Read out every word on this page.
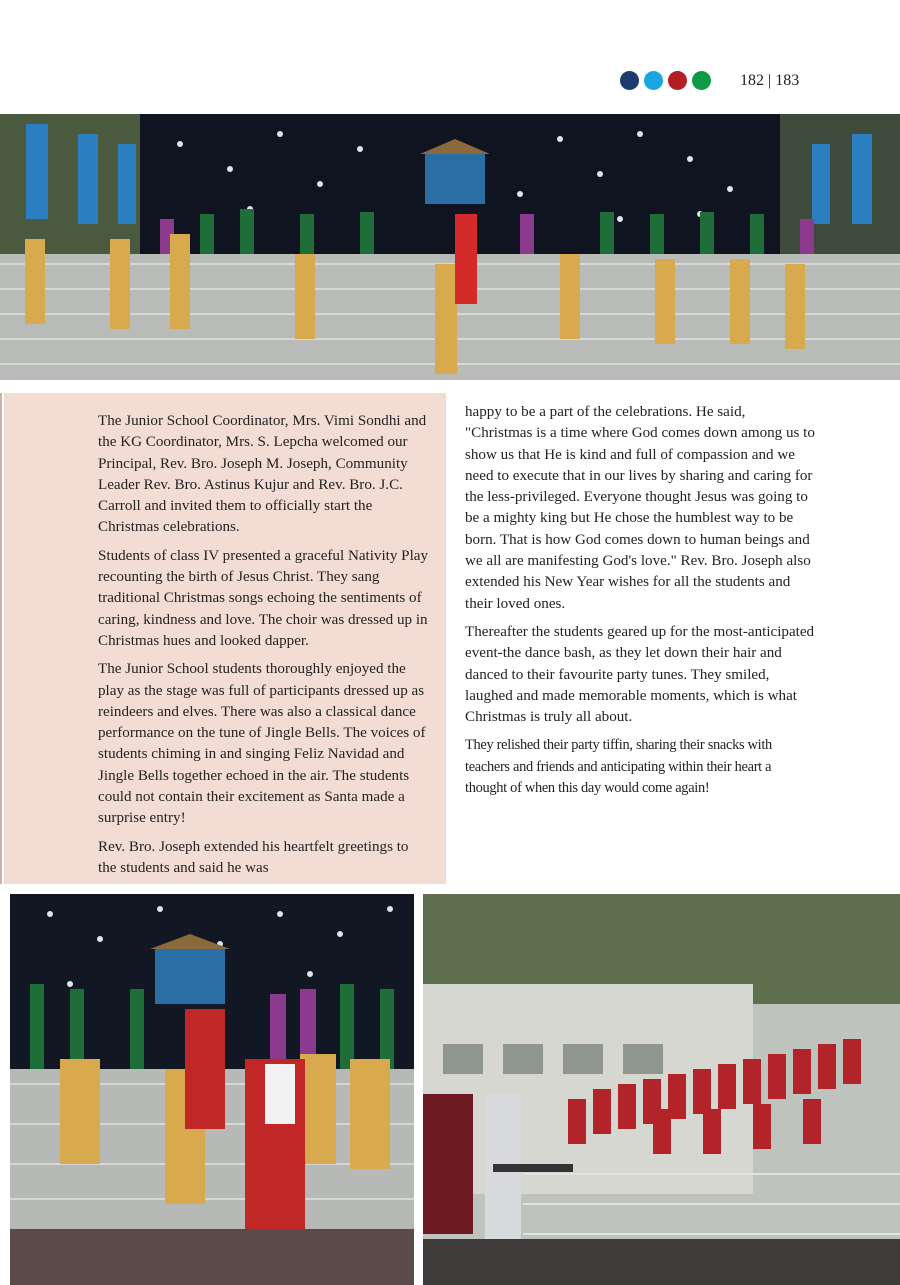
182 | 183

The Junior School Coordinator, Mrs. Vimi Sondhi and the KG Coordinator, Mrs. S. Lepcha welcomed our Principal, Rev. Bro. Joseph M. Joseph, Community Leader Rev. Bro. Astinus Kujur and Rev. Bro. J.C. Carroll and invited them to officially start the Christmas celebrations.

Students of class IV presented a graceful Nativity Play recounting the birth of Jesus Christ. They sang traditional Christmas songs echoing the sentiments of caring, kindness and love. The choir was dressed up in Christmas hues and looked dapper.

The Junior School students thoroughly enjoyed the play as the stage was full of participants dressed up as reindeers and elves. There was also a classical dance performance on the tune of Jingle Bells. The voices of students chiming in and singing Feliz Navidad and Jingle Bells together echoed in the air. The students could not contain their excitement as Santa made a surprise entry!

Rev. Bro. Joseph extended his heartfelt greetings to the students and said he was

happy to be a part of the celebrations. He said, "Christmas is a time where God comes down among us to show us that He is kind and full of compassion and we need to execute that in our lives by sharing and caring for the less-privileged. Everyone thought Jesus was going to be a mighty king but He chose the humblest way to be born. That is how God comes down to human beings and we all are manifesting God's love." Rev. Bro. Joseph also extended his New Year wishes for all the students and their loved ones.

Thereafter the students geared up for the most-anticipated event-the dance bash, as they let down their hair and danced to their favourite party tunes. They smiled, laughed and made memorable moments, which is what Christmas is truly all about.

They relished their party tiffin, sharing their snacks with teachers and friends and anticipating within their heart a thought of when this day would come again!
